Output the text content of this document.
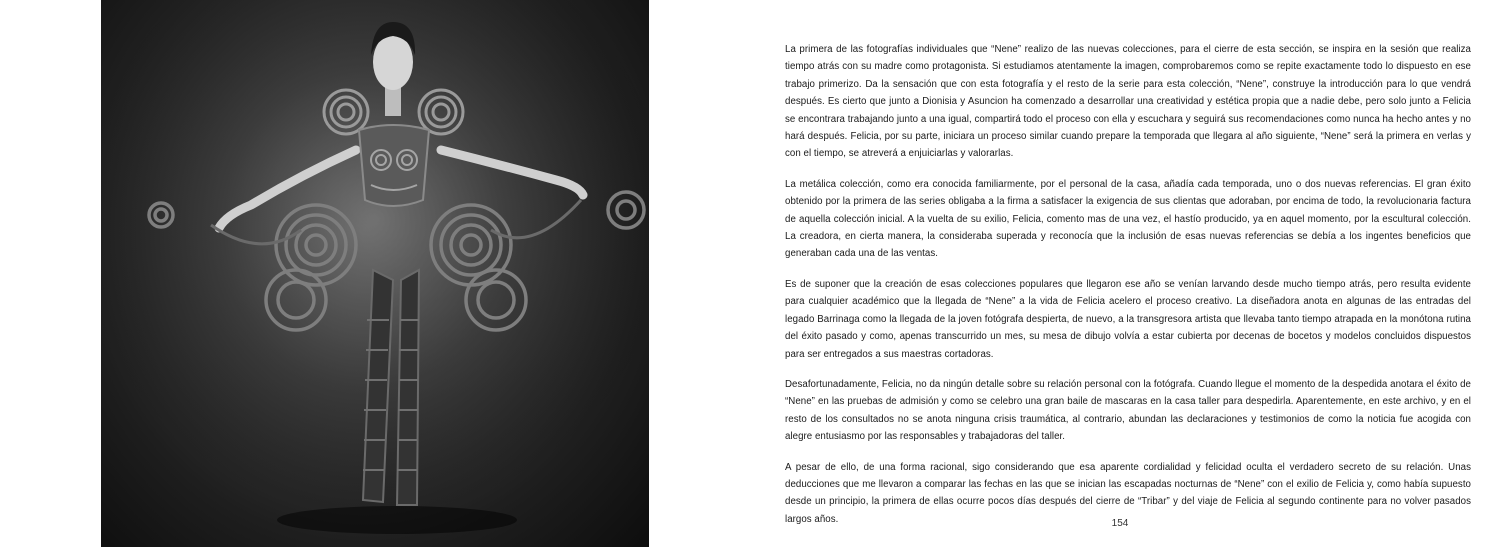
La primera de las fotografías individuales que “Nene” realizo de las nuevas colecciones, para el cierre de esta sección, se inspira en la sesión que realiza tiempo atrás con su madre como protagonista. Si estudiamos atentamente la imagen, comprobaremos como se repite exactamente todo lo dispuesto en ese trabajo primerizo. Da la sensación que con esta fotografía y el resto de la serie para esta colección, “Nene”, construye la introducción para lo que vendrá después. Es cierto que junto a Dionisia y Asuncion ha comenzado a desarrollar una creatividad y estética propia que a nadie debe, pero solo junto a Felicia se encontrara trabajando junto a una igual, compartirá todo el proceso con ella y escuchara y seguirá sus recomendaciones como nunca ha hecho antes y no hará después. Felicia, por su parte, iniciara un proceso similar cuando prepare la temporada que llegara al año siguiente, “Nene” será la primera en verlas y con el tiempo, se atreverá a enjuiciarlas y valorarlas.

La metálica colección, como era conocida familiarmente, por el personal de la casa, añadía cada temporada, uno o dos nuevas referencias. El gran éxito obtenido por la primera de las series obligaba a la firma a satisfacer la exigencia de sus clientas que adoraban, por encima de todo, la revolucionaria factura de aquella colección inicial. A la vuelta de su exilio, Felicia, comento mas de una vez, el hastío producido, ya en aquel momento, por la escultural colección. La creadora, en cierta manera, la consideraba superada y reconocía que la inclusión de esas nuevas referencias se debía a los ingentes beneficios que generaban cada una de las ventas.

Es de suponer que la creación de esas colecciones populares que llegaron ese año se venían larvando desde mucho tiempo atrás, pero resulta evidente para cualquier académico que la llegada de “Nene” a la vida de Felicia acelero el proceso creativo. La diseñadora anota en algunas de las entradas del legado Barrinaga como la llegada de la joven fotógrafa despierta, de nuevo, a la transgresora artista que llevaba tanto tiempo atrapada en la monótona rutina del éxito pasado y como, apenas transcurrido un mes, su mesa de dibujo volvía a estar cubierta por decenas de bocetos y modelos concluidos dispuestos para ser entregados a sus maestras cortadoras.

Desafortunadamente, Felicia, no da ningún detalle sobre su relación personal con la fotógrafa. Cuando llegue el momento de la despedida anotara el éxito de “Nene” en las pruebas de admisión y como se celebro una gran baile de mascaras en la casa taller para despedirla. Aparentemente, en este archivo, y en el resto de los consultados no se anota ninguna crisis traumática, al contrario, abundan las declaraciones y testimonios de como la noticia fue acogida con alegre entusiasmo por las responsables y trabajadoras del taller.

A pesar de ello, de una forma racional, sigo considerando que esa aparente cordialidad y felicidad oculta el verdadero secreto de su relación. Unas deducciones que me llevaron a comparar las fechas en las que se inician las escapadas nocturnas de “Nene” con el exilio de Felicia y, como había supuesto desde un principio, la primera de ellas ocurre pocos días después del cierre de “Tribar” y del viaje de Felicia al segundo continente para no volver pasados largos años.	154
